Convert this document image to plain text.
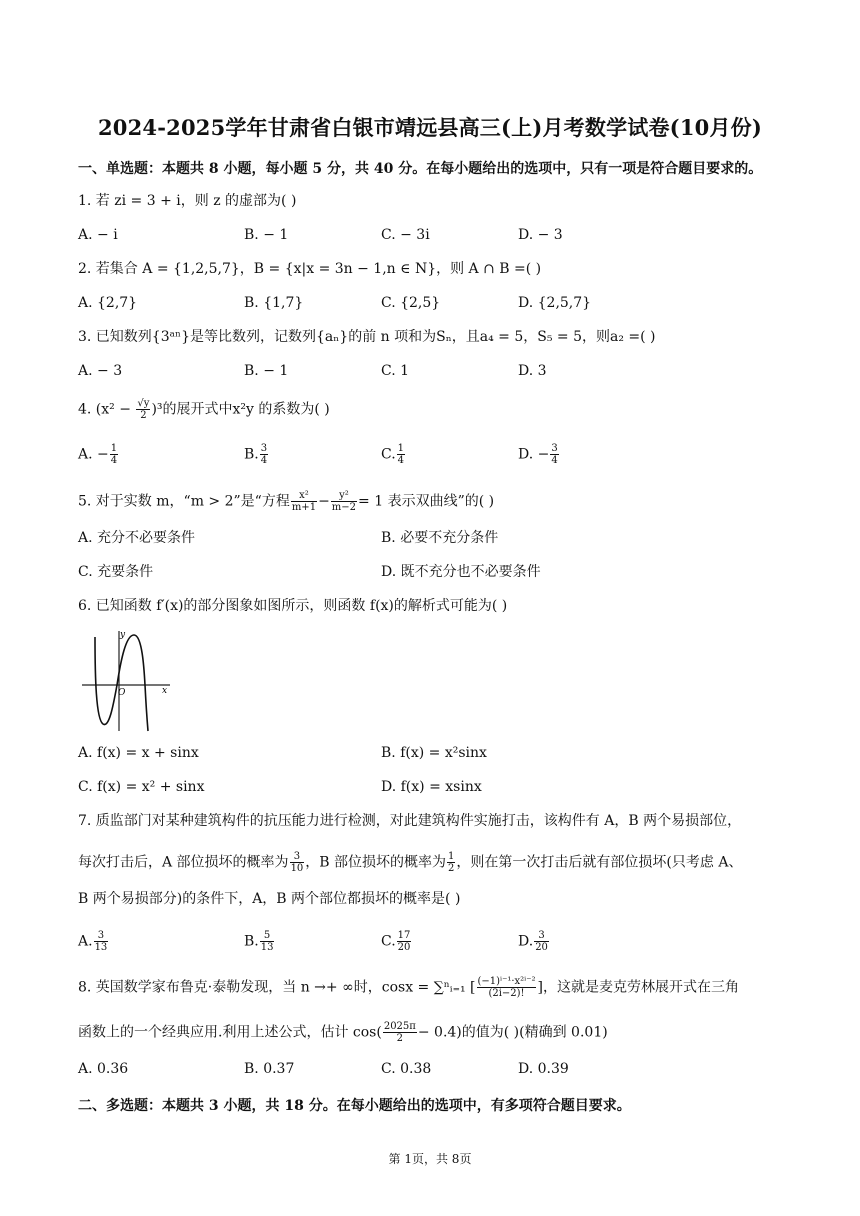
2024-2025学年甘肃省白银市靖远县高三(上)月考数学试卷(10月份)
一、单选题：本题共 8 小题，每小题 5 分，共 40 分。在每小题给出的选项中，只有一项是符合题目要求的。
1. 若 zi = 3 + i，则 z 的虚部为( )
A. − i	B. − 1	C. − 3i	D. − 3
2. 若集合 A = {1,2,5,7}，B = {x|x = 3n − 1,n ∈ N}，则 A ∩ B =( )
A. {2,7}	B. {1,7}	C. {2,5}	D. {2,5,7}
3. 已知数列{3ᵃⁿ}是等比数列，记数列{aₙ}的前 n 项和为Sₙ，且a₄ = 5，S₅ = 5，则a₂ =( )
A. − 3	B. − 1	C. 1	D. 3
4. $(x^2 - \frac{√y}{2} )^3$的展开式中x²y 的系数为( )
A. − $\frac{1}{4}$	B. $\frac{3}{4}$	C. $\frac{1}{4}$	D. − $\frac{3}{4}$
5. 对于实数 m，“m > 2”是“方程 $\frac{\text{x²}}{m+1} - \frac{\text{y²}}{m-2} = 1$ 表示双曲线”的( )
A. 充分不必要条件	B. 必要不充分条件
C. 充要条件	D. 既不充分也不必要条件
6. 已知函数 f′(x)的部分图象如图所示，则函数 f(x)的解析式可能为( )
y
O	x
A. f(x) = x + sinx	B. f(x) = x²sinx
C. f(x) = x² + sinx	D. f(x) = xsinx
7. 质监部门对某种建筑构件的抗压能力进行检测，对此建筑构件实施打击，该构件有 A，B 两个易损部位，
每次打击后，A 部位损坏的概率为 $\frac{3}{10}$ ，B 部位损坏的概率为 $\frac{1}{2}$ ，则在第一次打击后就有部位损坏(只考虑 A、
B 两个易损部分)的条件下，A，B 两个部位都损坏的概率是( )
A. $\frac{3}{13}$	B. $\frac{5}{13}$	C. $\frac{17}{20}$	D. $\frac{3}{20}$
8. 英国数学家布鲁克·泰勒发现，当 n →+ ∞时，cosx = ∑ⁿᵢ₌₁ [ $\frac{\text{(−1)ⁱ⁻¹·x²ⁱ⁻²}}{(2i-2)!}$ ]，这就是麦克劳林展开式在三角
函数上的一个经典应用.利用上述公式，估计 $\cos( \frac{2025\pi}{2} - 0.4)$的值为( )(精确到 0.01)
A. 0.36	B. 0.37	C. 0.38	D. 0.39
二、多选题：本题共 3 小题，共 18 分。在每小题给出的选项中，有多项符合题目要求。
第 1页，共 8页
